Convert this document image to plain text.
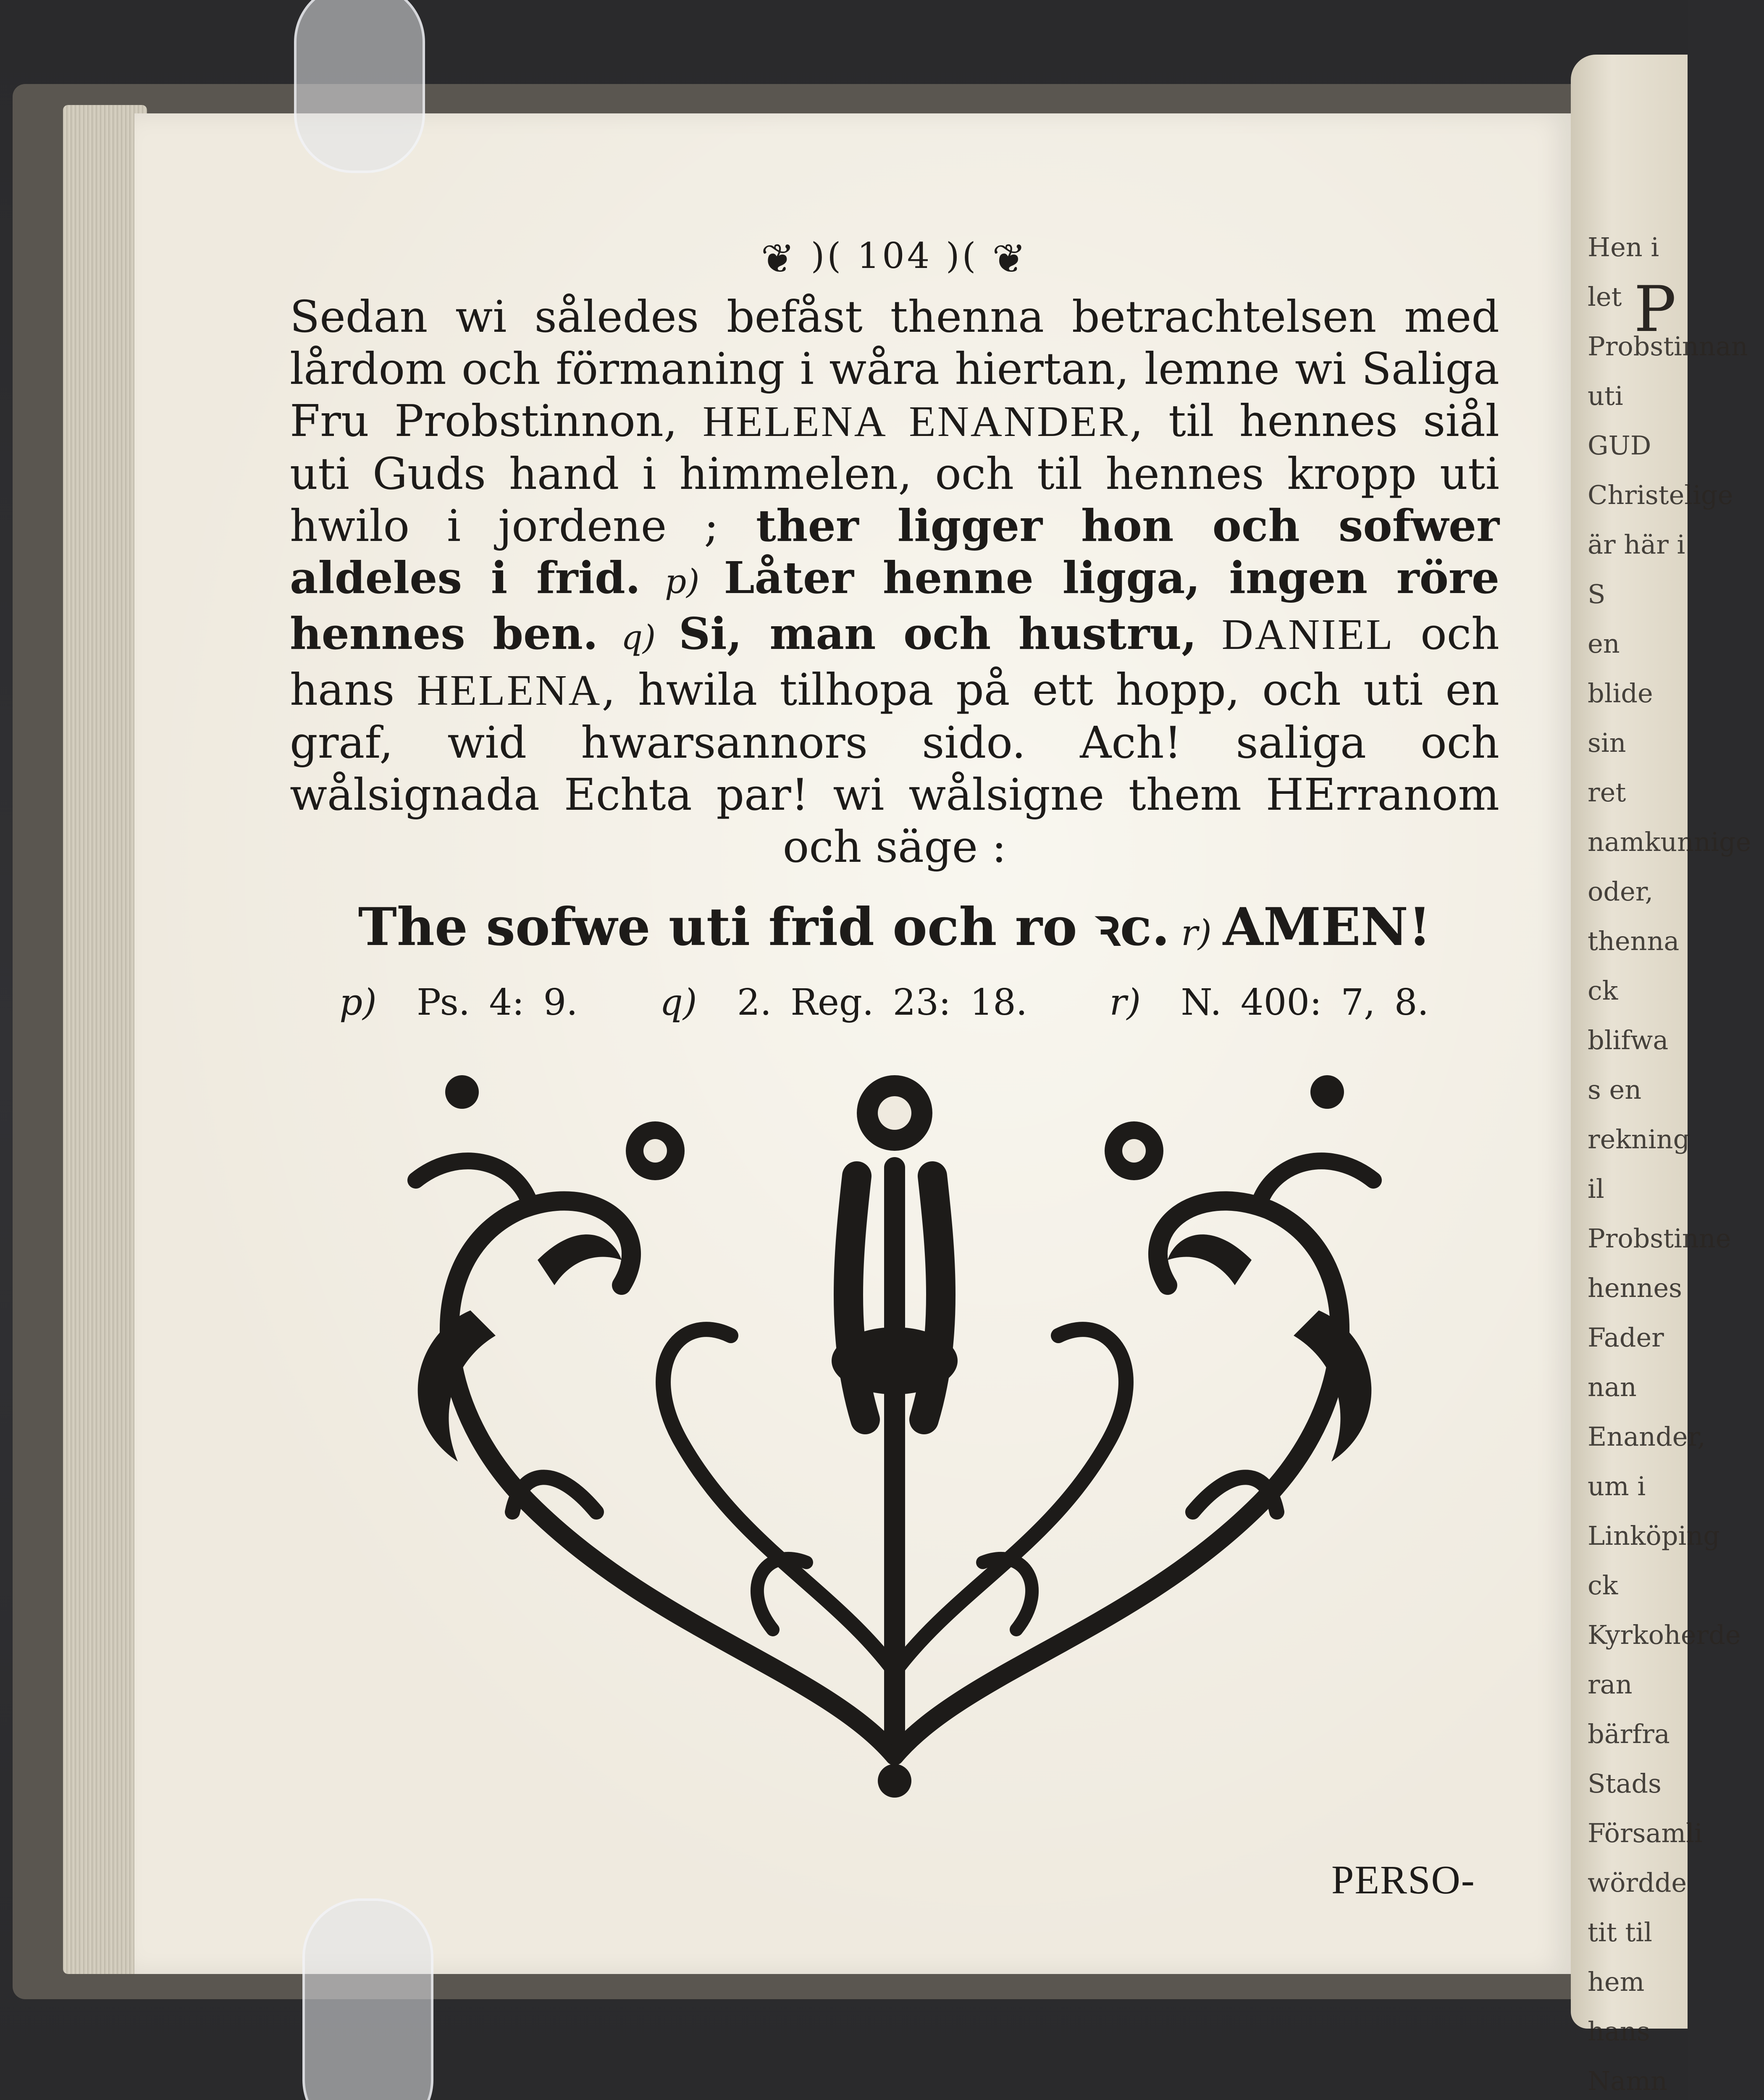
❦ )( 104 )( ❦
Sedan wi således befåst thenna betrachtelsen med lårdom och förmaning i wåra hiertan, lemne wi Saliga Fru Probstinnon, HELENA ENANDER, til hennes siål uti Guds hand i himmelen, och til hennes kropp uti hwilo i jordene ; ther ligger hon och sofwer aldeles i frid. p) Låter henne ligga, ingen röre hennes ben. q) Si, man och hustru, DANIEL och hans HELENA, hwila tilhopa på ett hopp, och uti en graf, wid hwarsannors sido. Ach! saliga och wålsignada Echta par! wi wålsigne them HErranom och säge :
The sofwe uti frid och ro ꝛc. r) AMEN!
p) Ps. 4: 9. q) 2. Reg. 23: 18. r) N. 400: 7, 8.
PERSO-
P
Hen i let
Probstinnan
uti GUD
Christelige
är här i S
en blide sin
ret namkunnige
oder, thenna
ck blifwa
s en rekning
il Probstinne
hennes Fader
nan Enander,
um i Linköping
ck Kyrkoherde
ran bärfra
Stads Församli
wördde
tit til hem
hans Namn
